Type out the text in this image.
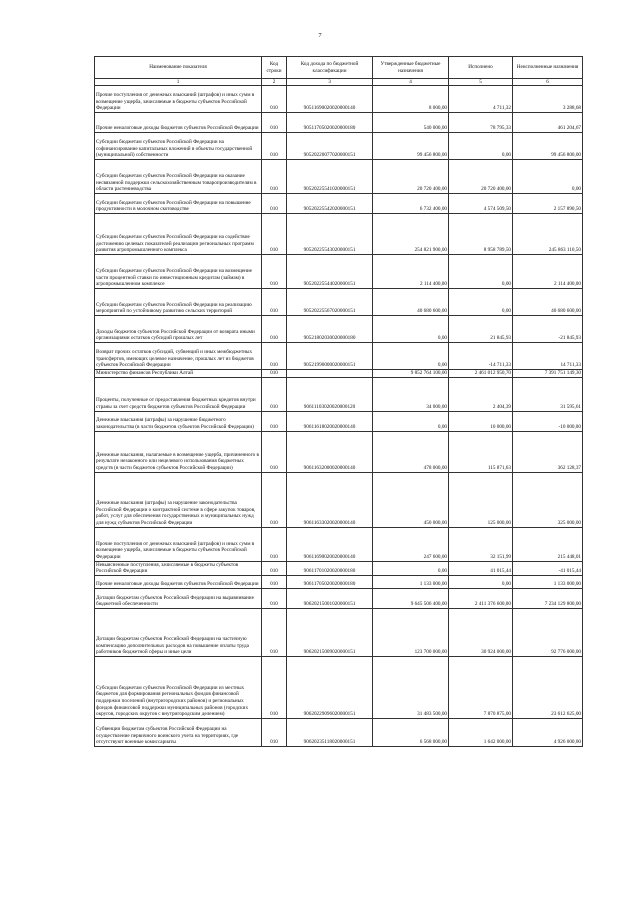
7
Наименование показателя	Код строки	Код дохода по бюджетной классификации	Утвержденные бюджетные назначения	Исполнено	Неисполненные назначения
1	2	3	4	5	6
Прочие поступления от денежных взысканий (штрафов) и иных сумм в возмещение ущерба, зачисляемые в бюджеты субъектов Российской Федерации	010	90511690020020000140	8 000,00	4 711,32	3 288,68
Прочие неналоговые доходы бюджетов субъектов Российской Федерации	010	90511705020020000180	540 000,00	78 795,33	461 204,67
Субсидии бюджетам субъектов Российской Федерации на софинансирование капитальных вложений в объекты государственной (муниципальной) собственности	010	90520220077020000151	99 456 800,00	0,00	99 456 800,00
Субсидии бюджетам субъектов Российской Федерации на оказание несвязанной поддержки сельскохозяйственным товаропроизводителям в области растениеводства	010	90520225541020000151	20 720 400,00	20 720 400,00	0,00
Субсидии бюджетам субъектов Российской Федерации на повышение продуктивности в молочном скотоводстве	010	90520225542020000151	6 732 400,00	4 574 509,50	2 157 890,50
Субсидии бюджетам субъектов Российской Федерации на содействие достижению целевых показателей реализации региональных программ развития агропромышленного комплекса	010	90520225543020000151	254 821 900,00	8 958 789,50	245 863 110,50
Субсидии бюджетам субъектов Российской Федерации на возмещение части процентной ставки по инвестиционным кредитам (займам) в агропромышленном комплексе	010	90520225544020000151	2 114 400,00	0,00	2 114 400,00
Субсидии бюджетам субъектов Российской Федерации на реализацию мероприятий по устойчивому развитию сельских территорий	010	90520225567020000151	40 680 600,00	0,00	40 680 600,00
Доходы бюджетов субъектов Российской Федерации от возврата иными организациями остатков субсидий прошлых лет	010	90521802030020000180	0,00	21 845,93	-21 845,93
Возврат прочих остатков субсидий, субвенций и иных межбюджетных трансфертов, имеющих целевое назначение, прошлых лет из бюджетов субъектов Российской Федерации	010	90521990000020000151	0,00	-14 711,33	14 711,33
Министерство финансов Республики Алтай	010		9 852 764 100,00	2 461 012 950,70	7 391 751 149,30
Проценты, полученные от предоставления бюджетных кредитов внутри страны за счет средств бюджетов субъектов Российской Федерации	010	90611103020020000120	34 000,00	2 404,39	31 595,61
Денежные взыскания (штрафы) за нарушение бюджетного законодательства (в части бюджетов субъектов Российской Федерации)	010	90611618020020000140	0,00	10 000,00	-10 000,00
Денежные взыскания, налагаемые в возмещение ущерба, причиненного в результате незаконного или нецелевого использования бюджетных средств (в части бюджетов субъектов Российской Федерации)	010	90611632000020000140	478 000,00	115 871,63	362 128,37
Денежные взыскания (штрафы) за нарушение законодательства Российской Федерации о контрактной системе в сфере закупок товаров, работ, услуг для обеспечения государственных и муниципальных нужд для нужд субъектов Российской Федерации	010	90611633020020000140	450 000,00	125 000,00	325 000,00
Прочие поступления от денежных взысканий (штрафов) и иных сумм в возмещение ущерба, зачисляемые в бюджеты субъектов Российской Федерации	010	90611690020020000140	247 600,00	32 151,99	215 448,01
Невыясненные поступления, зачисляемые в бюджеты субъектов Российской Федерации	010	90611701020020000180	0,00	41 015,44	-41 015,44
Прочие неналоговые доходы бюджетов субъектов Российской Федерации	010	90611705020020000180	1 133 000,00	0,00	1 133 000,00
Дотации бюджетам субъектов Российской Федерации на выравнивание бюджетной обеспеченности	010	90620215001020000151	9 645 506 400,00	2 411 376 600,00	7 234 129 800,00
Дотации бюджетам субъектов Российской Федерации на частичную компенсацию дополнительных расходов на повышение оплаты труда работников бюджетной сферы и иные цели	010	90620215009020000151	123 700 000,00	30 924 000,00	92 776 000,00
Субсидии бюджетам субъектов Российской Федерации из местных бюджетов для формирования региональных фондов финансовой поддержки поселений (внутригородских районов) и региональных фондов финансовой поддержки муниципальных районов (городских округов, городских округов с внутригородским делением)	010	90620229096020000151	31 483 500,00	7 870 875,00	23 612 625,00
Субвенции бюджетам субъектов Российской Федерации на осуществление первичного воинского учета на территориях, где отсутствуют военные комиссариаты	010	90620235118020000151	6 568 000,00	1 642 000,00	4 926 000,00
